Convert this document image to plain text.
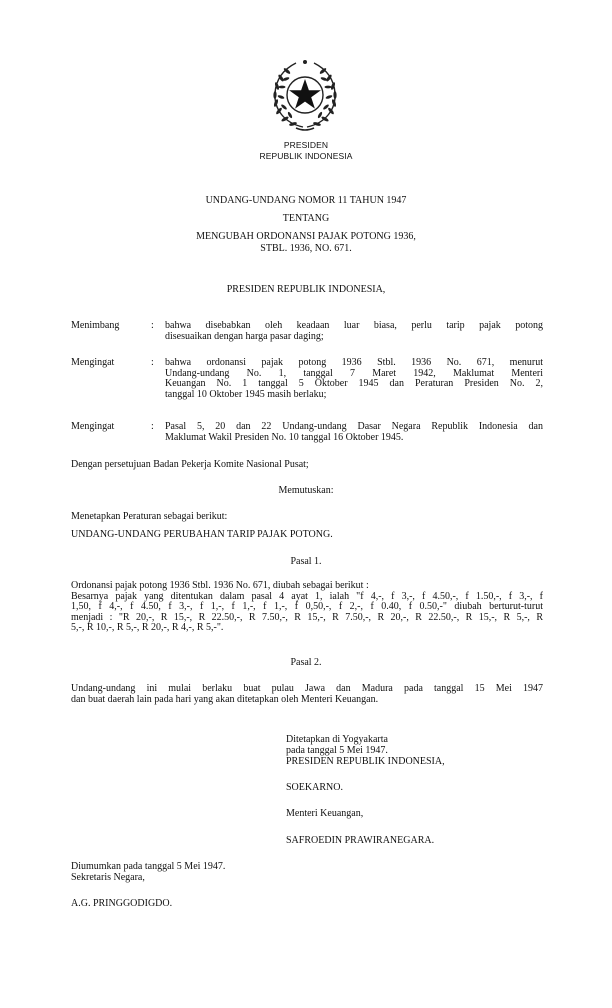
PRESIDEN
REPUBLIK INDONESIA
UNDANG-UNDANG NOMOR 11 TAHUN 1947
TENTANG
MENGUBAH ORDONANSI PAJAK POTONG 1936,
STBL. 1936, NO. 671.
PRESIDEN REPUBLIK INDONESIA,
Menimbang	: bahwa disebabkan oleh keadaan luar biasa, perlu tarip pajak potong
disesuaikan dengan harga pasar daging;
Mengingat	: bahwa ordonansi pajak potong 1936 Stbl. 1936 No. 671, menurut
Undang-undang No. 1, tanggal 7 Maret 1942, Maklumat Menteri
Keuangan No. 1 tanggal 5 Oktober 1945 dan Peraturan Presiden No. 2,
tanggal 10 Oktober 1945 masih berlaku;
Mengingat	: Pasal 5, 20 dan 22 Undang-undang Dasar Negara Republik Indonesia dan
Maklumat Wakil Presiden No. 10 tanggal 16 Oktober 1945.
Dengan persetujuan Badan Pekerja Komite Nasional Pusat;
Memutuskan:
Menetapkan Peraturan sebagai berikut:
UNDANG-UNDANG PERUBAHAN TARIP PAJAK POTONG.
Pasal 1.
Ordonansi pajak potong 1936 Stbl. 1936 No. 671, diubah sebagai berikut :
Besarnya pajak yang ditentukan dalam pasal 4 ayat 1, ialah "f 4,-, f 3,-, f 4.50,-, f 1.50,-, f 3,-, f
1,50, f 4,-, f 4.50, f 3,-, f 1,-, f 1,-, f 1,-, f 0,50,-, f 2,-, f 0.40, f 0.50,-" diubah berturut-turut
menjadi : "R 20,-, R 15,-, R 22.50,-, R 7.50,-, R 15,-, R 7.50,-, R 20,-, R 22.50,-, R 15,-, R 5,-, R
5,-, R 10,-, R 5,-, R 20,-, R 4,-, R 5,-".
Pasal 2.
Undang-undang ini mulai berlaku buat pulau Jawa dan Madura pada tanggal 15 Mei 1947
dan buat daerah lain pada hari yang akan ditetapkan oleh Menteri Keuangan.
Ditetapkan di Yogyakarta
pada tanggal 5 Mei 1947.
PRESIDEN REPUBLIK INDONESIA,
SOEKARNO.
Menteri Keuangan,
SAFROEDIN PRAWIRANEGARA.
Diumumkan pada tanggal 5 Mei 1947.
Sekretaris Negara,
A.G. PRINGGODIGDO.
